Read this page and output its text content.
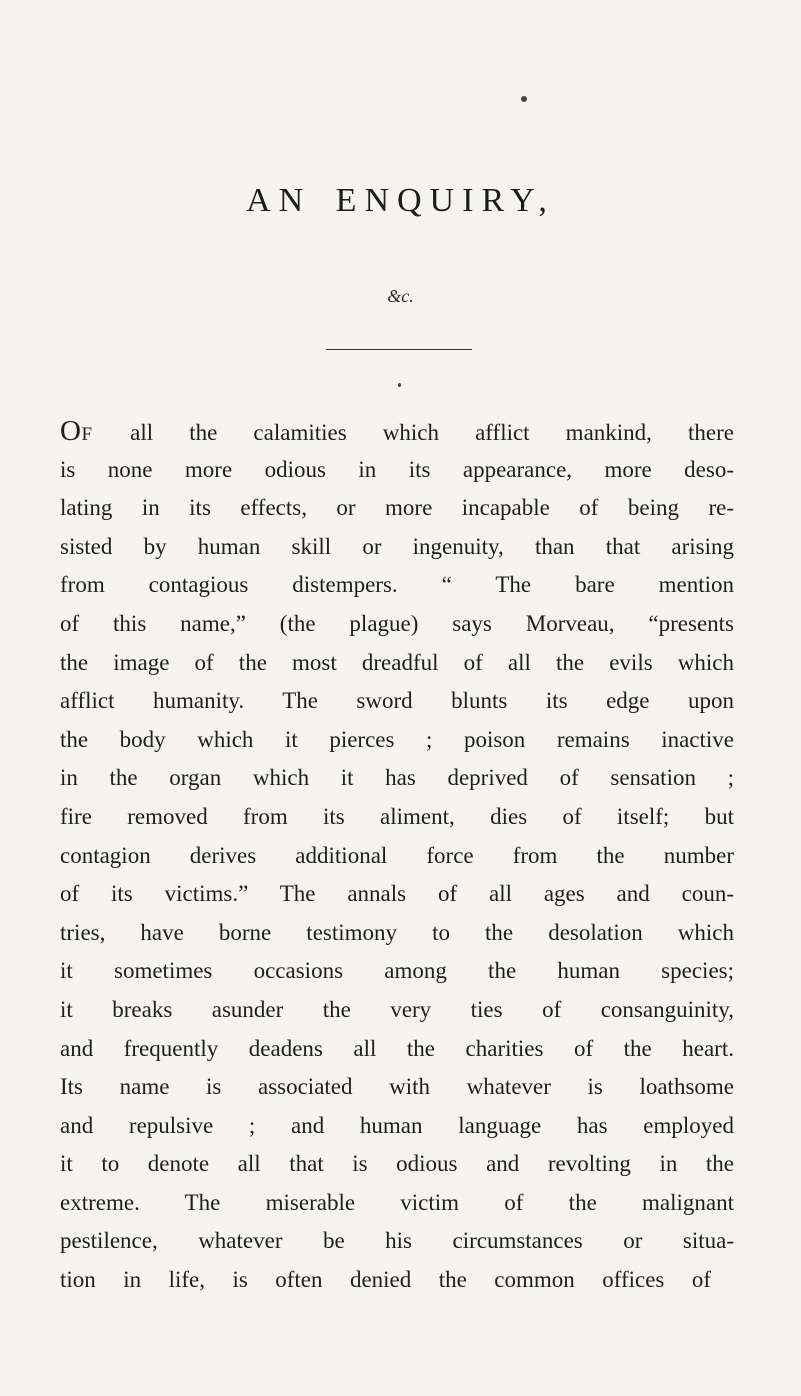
AN ENQUIRY,
&c.
OF all the calamities which afflict mankind, there
is none more odious in its appearance, more deso-
lating in its effects, or more incapable of being re-
sisted by human skill or ingenuity, than that arising
from contagious distempers. “ The bare mention
of this name,” (the plague) says Morveau, “presents
the image of the most dreadful of all the evils which
afflict humanity. The sword blunts its edge upon
the body which it pierces ; poison remains inactive
in the organ which it has deprived of sensation ;
fire removed from its aliment, dies of itself; but
contagion derives additional force from the number
of its victims.” The annals of all ages and coun-
tries, have borne testimony to the desolation which
it sometimes occasions among the human species;
it breaks asunder the very ties of consanguinity,
and frequently deadens all the charities of the heart.
Its name is associated with whatever is loathsome
and repulsive ; and human language has employed
it to denote all that is odious and revolting in the
extreme. The miserable victim of the malignant
pestilence, whatever be his circumstances or situa-
tion in life, is often denied the common offices of
